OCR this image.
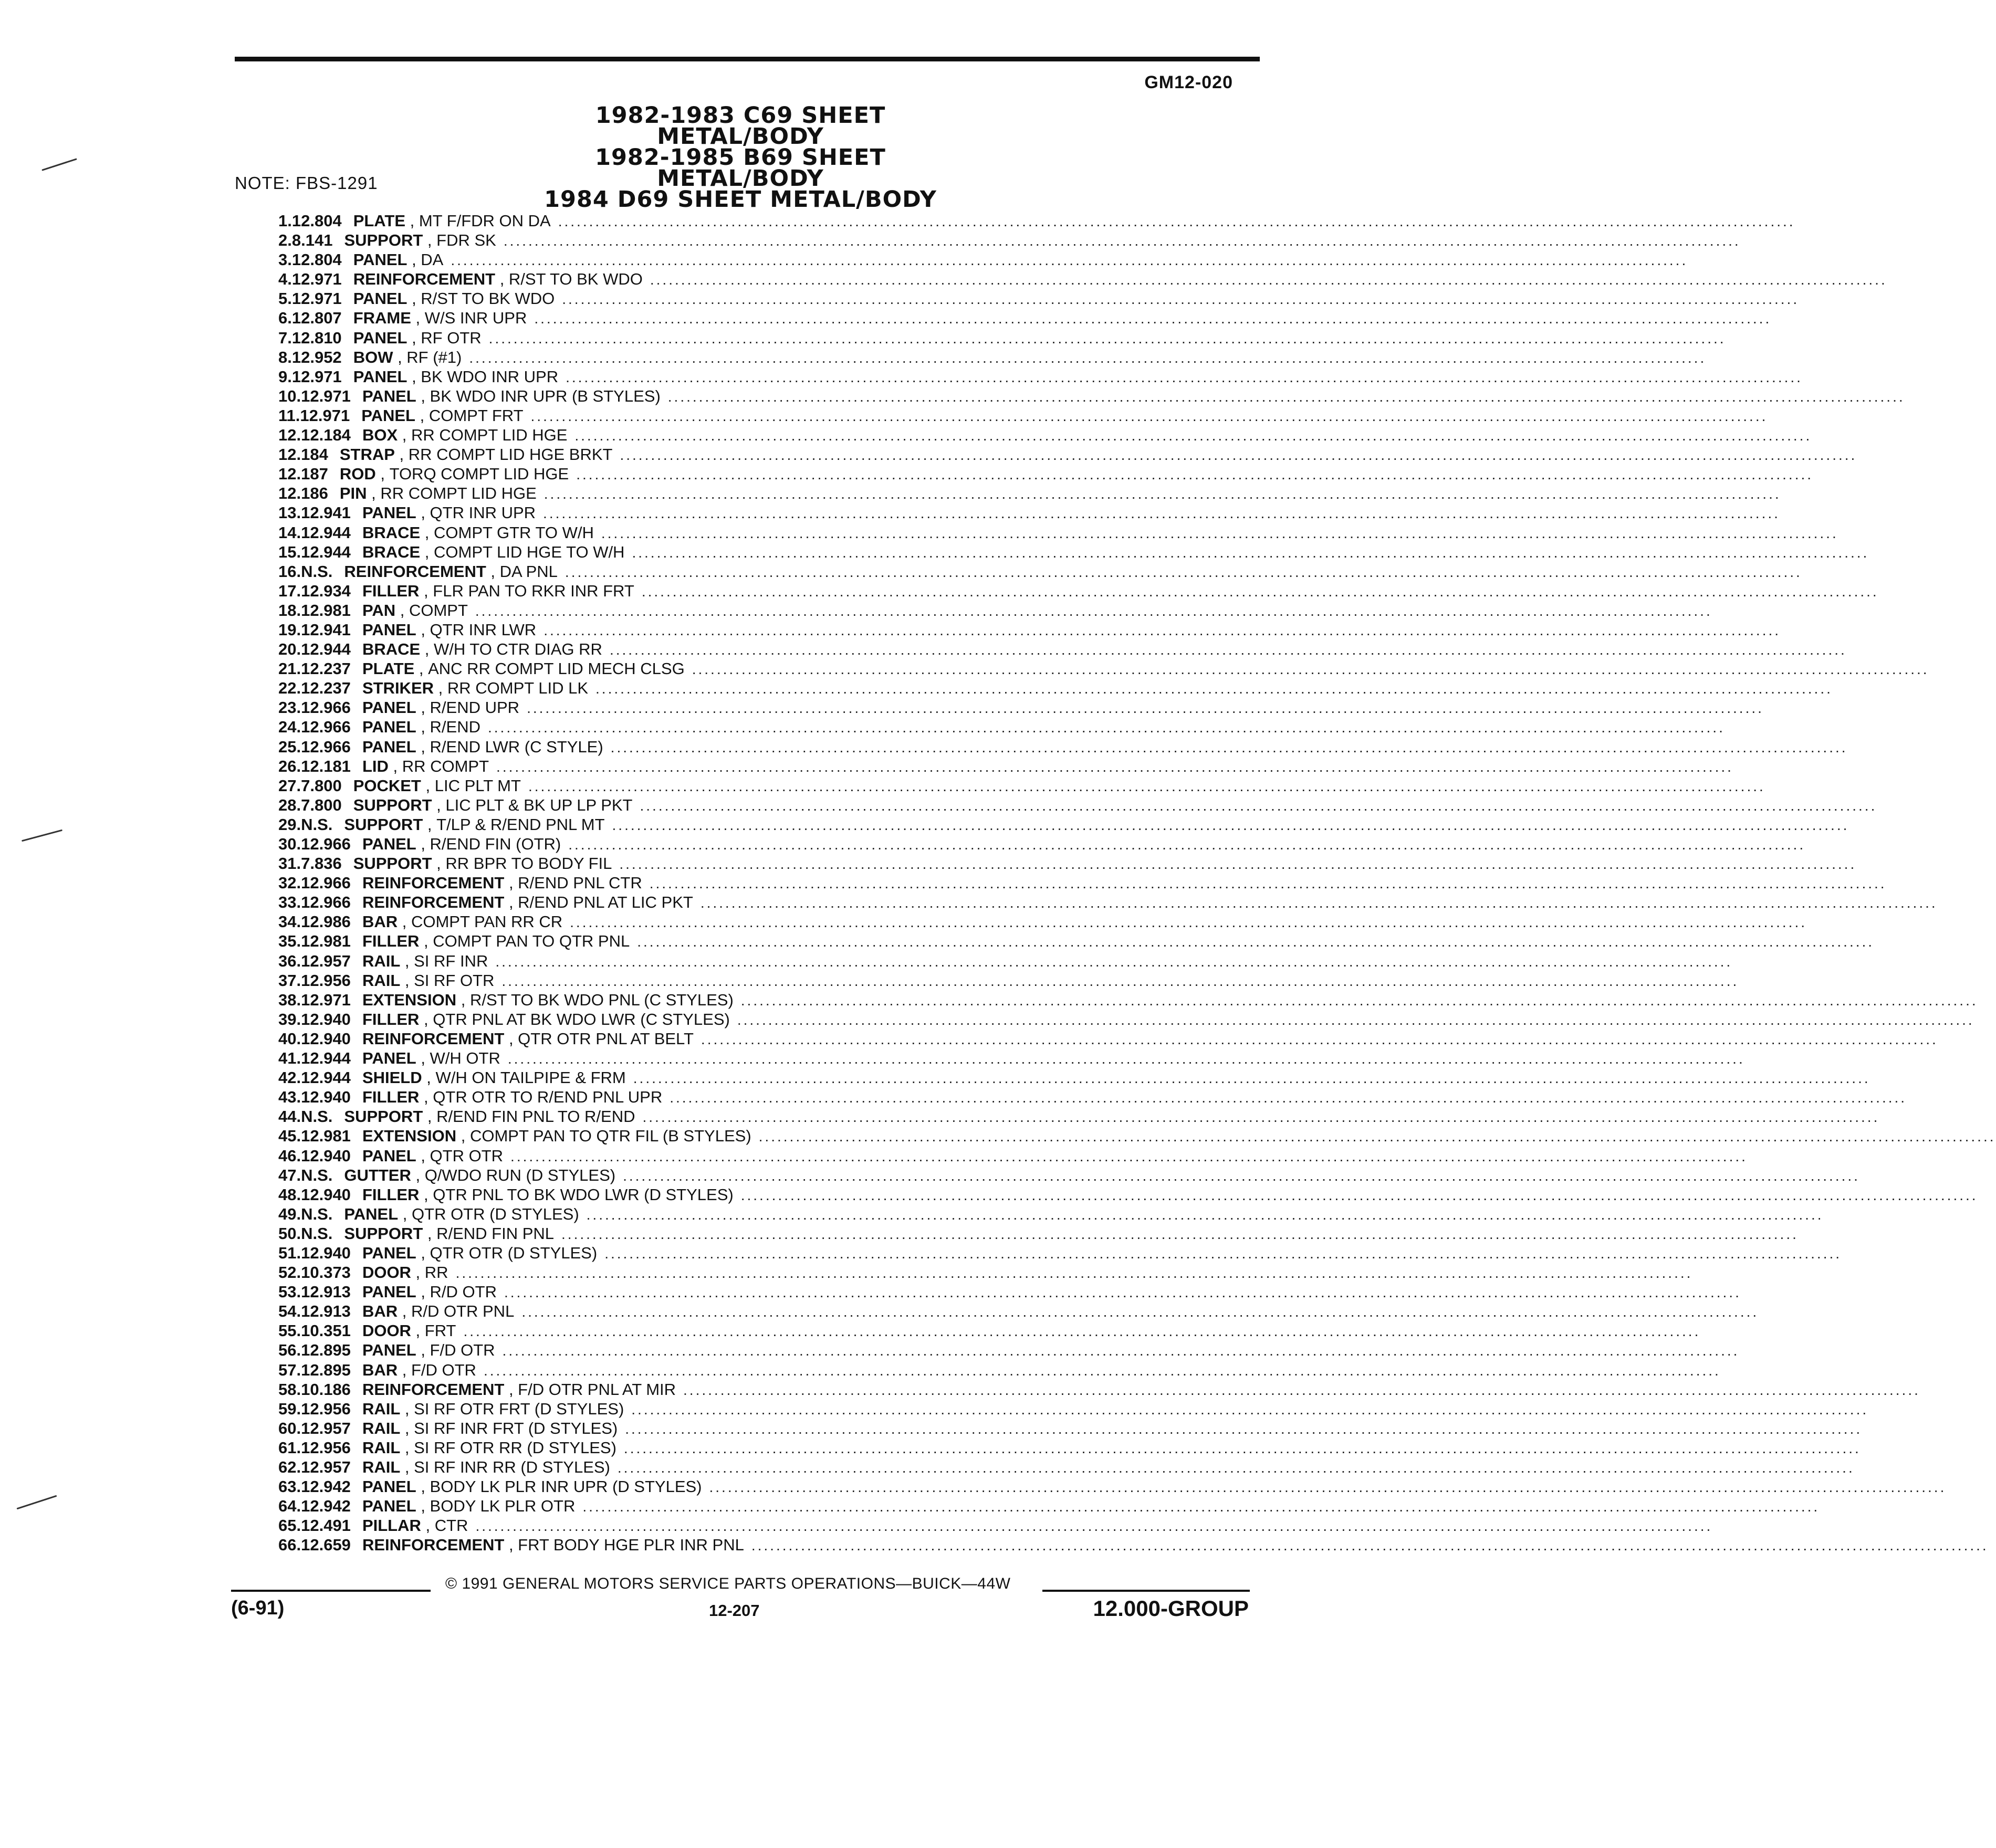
GM12-020
1982-1983 C69 SHEET METAL/BODY
1982-1985 B69 SHEET METAL/BODY
1984 D69 SHEET METAL/BODY
NOTE: FBS-1291
1. 12.804 PLATE , MT F/FDR ON DA ........................................................................................................................................................................................................
2. 8.141 SUPPORT , FDR SK ........................................................................................................................................................................................................
3. 12.804 PANEL , DA ........................................................................................................................................................................................................
4. 12.971 REINFORCEMENT , R/ST TO BK WDO ........................................................................................................................................................................................................
5. 12.971 PANEL , R/ST TO BK WDO ........................................................................................................................................................................................................
6. 12.807 FRAME , W/S INR UPR ........................................................................................................................................................................................................
7. 12.810 PANEL , RF OTR ........................................................................................................................................................................................................
8. 12.952 BOW , RF (#1) ........................................................................................................................................................................................................
9. 12.971 PANEL , BK WDO INR UPR ........................................................................................................................................................................................................
10. 12.971 PANEL , BK WDO INR UPR (B STYLES) ........................................................................................................................................................................................................
11. 12.971 PANEL , COMPT FRT ........................................................................................................................................................................................................
12. 12.184 BOX , RR COMPT LID HGE ........................................................................................................................................................................................................
12.184 STRAP , RR COMPT LID HGE BRKT ........................................................................................................................................................................................................
12.187 ROD , TORQ COMPT LID HGE ........................................................................................................................................................................................................
12.186 PIN , RR COMPT LID HGE ........................................................................................................................................................................................................
13. 12.941 PANEL , QTR INR UPR ........................................................................................................................................................................................................
14. 12.944 BRACE , COMPT GTR TO W/H ........................................................................................................................................................................................................
15. 12.944 BRACE , COMPT LID HGE TO W/H ........................................................................................................................................................................................................
16. N.S. REINFORCEMENT , DA PNL ........................................................................................................................................................................................................
17. 12.934 FILLER , FLR PAN TO RKR INR FRT ........................................................................................................................................................................................................
18. 12.981 PAN , COMPT ........................................................................................................................................................................................................
19. 12.941 PANEL , QTR INR LWR ........................................................................................................................................................................................................
20. 12.944 BRACE , W/H TO CTR DIAG RR ........................................................................................................................................................................................................
21. 12.237 PLATE , ANC RR COMPT LID MECH CLSG ........................................................................................................................................................................................................
22. 12.237 STRIKER , RR COMPT LID LK ........................................................................................................................................................................................................
23. 12.966 PANEL , R/END UPR ........................................................................................................................................................................................................
24. 12.966 PANEL , R/END ........................................................................................................................................................................................................
25. 12.966 PANEL , R/END LWR (C STYLE) ........................................................................................................................................................................................................
26. 12.181 LID , RR COMPT ........................................................................................................................................................................................................
27. 7.800 POCKET , LIC PLT MT ........................................................................................................................................................................................................
28. 7.800 SUPPORT , LIC PLT & BK UP LP PKT ........................................................................................................................................................................................................
29. N.S. SUPPORT , T/LP & R/END PNL MT ........................................................................................................................................................................................................
30. 12.966 PANEL , R/END FIN (OTR) ........................................................................................................................................................................................................
31. 7.836 SUPPORT , RR BPR TO BODY FIL ........................................................................................................................................................................................................
32. 12.966 REINFORCEMENT , R/END PNL CTR ........................................................................................................................................................................................................
33. 12.966 REINFORCEMENT , R/END PNL AT LIC PKT ........................................................................................................................................................................................................
34. 12.986 BAR , COMPT PAN RR CR ........................................................................................................................................................................................................
35. 12.981 FILLER , COMPT PAN TO QTR PNL ........................................................................................................................................................................................................
36. 12.957 RAIL , SI RF INR ........................................................................................................................................................................................................
37. 12.956 RAIL , SI RF OTR ........................................................................................................................................................................................................
38. 12.971 EXTENSION , R/ST TO BK WDO PNL (C STYLES) ........................................................................................................................................................................................................
39. 12.940 FILLER , QTR PNL AT BK WDO LWR (C STYLES) ........................................................................................................................................................................................................
40. 12.940 REINFORCEMENT , QTR OTR PNL AT BELT ........................................................................................................................................................................................................
41. 12.944 PANEL , W/H OTR ........................................................................................................................................................................................................
42. 12.944 SHIELD , W/H ON TAILPIPE & FRM ........................................................................................................................................................................................................
43. 12.940 FILLER , QTR OTR TO R/END PNL UPR ........................................................................................................................................................................................................
44. N.S. SUPPORT , R/END FIN PNL TO R/END ........................................................................................................................................................................................................
45. 12.981 EXTENSION , COMPT PAN TO QTR FIL (B STYLES) ........................................................................................................................................................................................................
46. 12.940 PANEL , QTR OTR ........................................................................................................................................................................................................
47. N.S. GUTTER , Q/WDO RUN (D STYLES) ........................................................................................................................................................................................................
48. 12.940 FILLER , QTR PNL TO BK WDO LWR (D STYLES) ........................................................................................................................................................................................................
49. N.S. PANEL , QTR OTR (D STYLES) ........................................................................................................................................................................................................
50. N.S. SUPPORT , R/END FIN PNL ........................................................................................................................................................................................................
51. 12.940 PANEL , QTR OTR (D STYLES) ........................................................................................................................................................................................................
52. 10.373 DOOR , RR ........................................................................................................................................................................................................
53. 12.913 PANEL , R/D OTR ........................................................................................................................................................................................................
54. 12.913 BAR , R/D OTR PNL ........................................................................................................................................................................................................
55. 10.351 DOOR , FRT ........................................................................................................................................................................................................
56. 12.895 PANEL , F/D OTR ........................................................................................................................................................................................................
57. 12.895 BAR , F/D OTR ........................................................................................................................................................................................................
58. 10.186 REINFORCEMENT , F/D OTR PNL AT MIR ........................................................................................................................................................................................................
59. 12.956 RAIL , SI RF OTR FRT (D STYLES) ........................................................................................................................................................................................................
60. 12.957 RAIL , SI RF INR FRT (D STYLES) ........................................................................................................................................................................................................
61. 12.956 RAIL , SI RF OTR RR (D STYLES) ........................................................................................................................................................................................................
62. 12.957 RAIL , SI RF INR RR (D STYLES) ........................................................................................................................................................................................................
63. 12.942 PANEL , BODY LK PLR INR UPR (D STYLES) ........................................................................................................................................................................................................
64. 12.942 PANEL , BODY LK PLR OTR ........................................................................................................................................................................................................
65. 12.491 PILLAR , CTR ........................................................................................................................................................................................................
66. 12.659 REINFORCEMENT , FRT BODY HGE PLR INR PNL ........................................................................................................................................................................................................
© 1991 GENERAL MOTORS SERVICE PARTS OPERATIONS—BUICK—44W
(6-91)	12-207	12.000-GROUP
